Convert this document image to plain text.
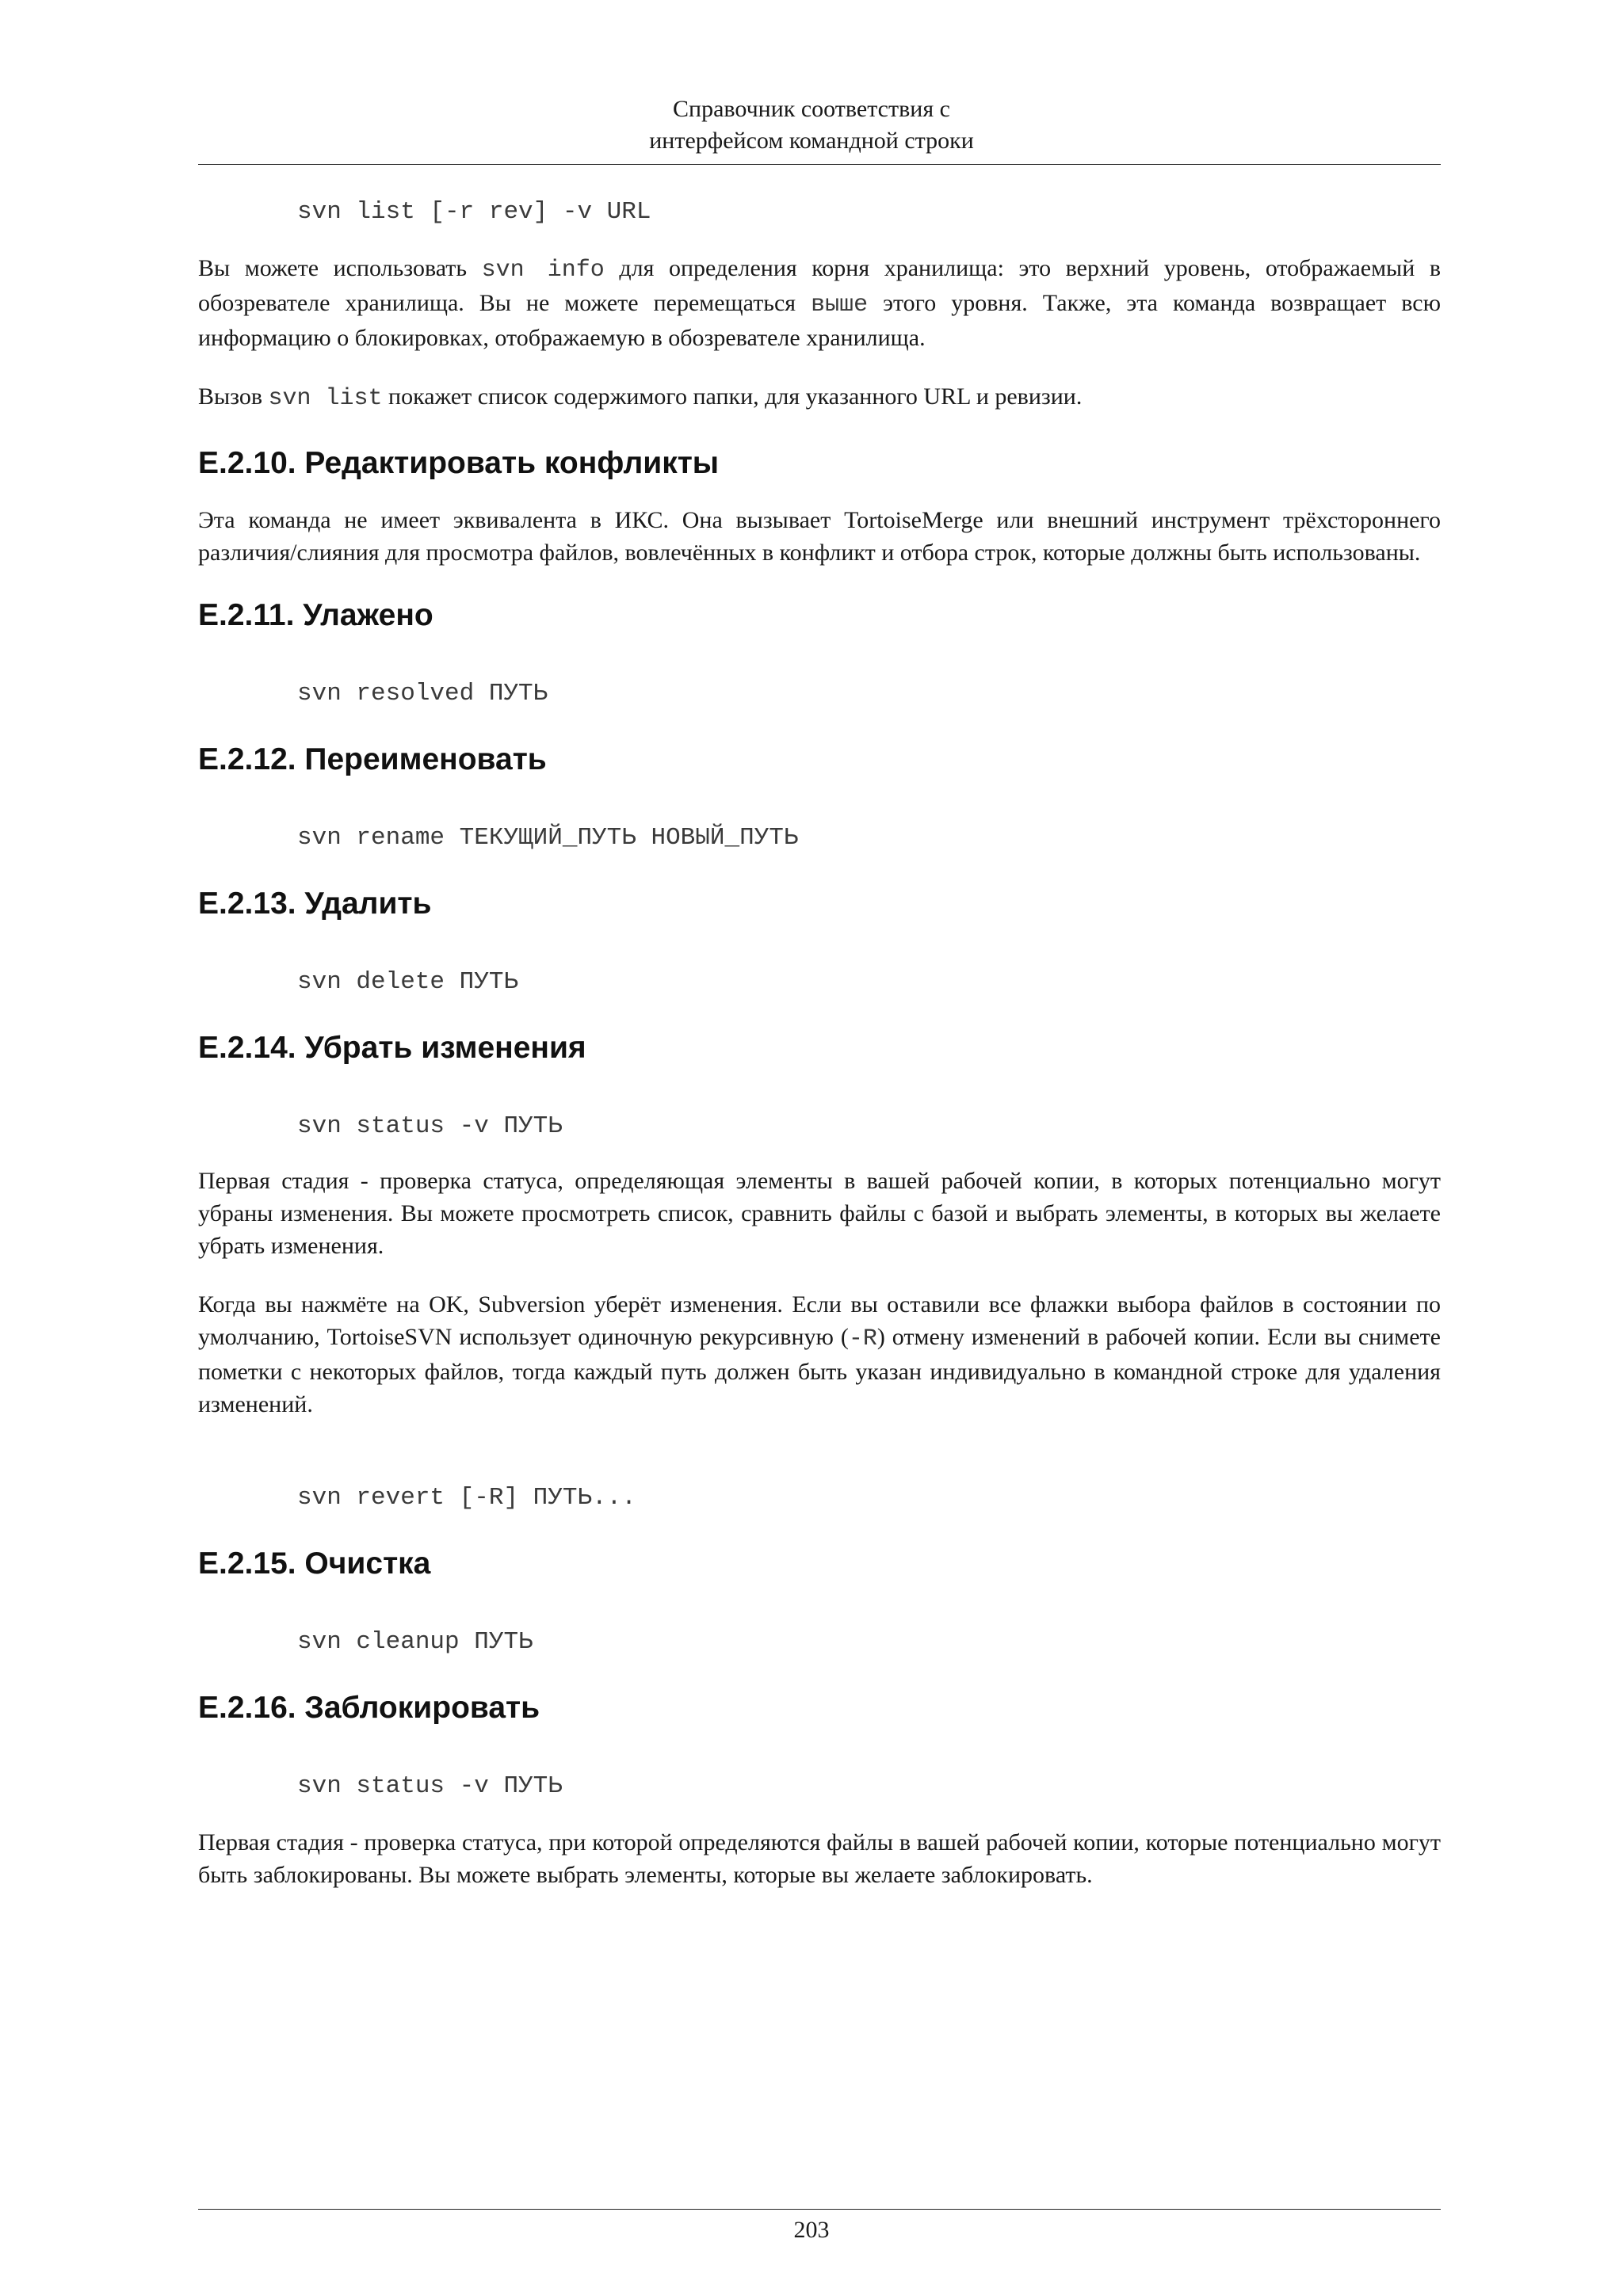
Справочник соответствия с
интерфейсом командной строки
svn list [-r rev] -v URL

Вы можете использовать svn info для определения корня хранилища: это верхний уровень, отображаемый в обозревателе хранилища. Вы не можете перемещаться выше этого уровня. Также, эта команда возвращает всю информацию о блокировках, отображаемую в обозревателе хранилища.

Вызов svn list покажет список содержимого папки, для указанного URL и ревизии.

E.2.10. Редактировать конфликты

Эта команда не имеет эквивалента в ИКС. Она вызывает TortoiseMerge или внешний инструмент трёхстороннего различия/слияния для просмотра файлов, вовлечённых в конфликт и отбора строк, которые должны быть использованы.

E.2.11. Улажено
svn resolved ПУТЬ
E.2.12. Переименовать
svn rename ТЕКУЩИЙ_ПУТЬ НОВЫЙ_ПУТЬ
E.2.13. Удалить
svn delete ПУТЬ
E.2.14. Убрать изменения
svn status -v ПУТЬ

Первая стадия - проверка статуса, определяющая элементы в вашей рабочей копии, в которых потенциально могут убраны изменения. Вы можете просмотреть список, сравнить файлы с базой и выбрать элементы, в которых вы желаете убрать изменения.

Когда вы нажмёте на OK, Subversion уберёт изменения. Если вы оставили все флажки выбора файлов в состоянии по умолчанию, TortoiseSVN использует одиночную рекурсивную (-R) отмену изменений в рабочей копии. Если вы снимете пометки с некоторых файлов, тогда каждый путь должен быть указан индивидуально в командной строке для удаления изменений.

svn revert [-R] ПУТЬ...
E.2.15. Очистка
svn cleanup ПУТЬ
E.2.16. Заблокировать
svn status -v ПУТЬ

Первая стадия - проверка статуса, при которой определяются файлы в вашей рабочей копии, которые потенциально могут быть заблокированы. Вы можете выбрать элементы, которые вы желаете заблокировать.

203
